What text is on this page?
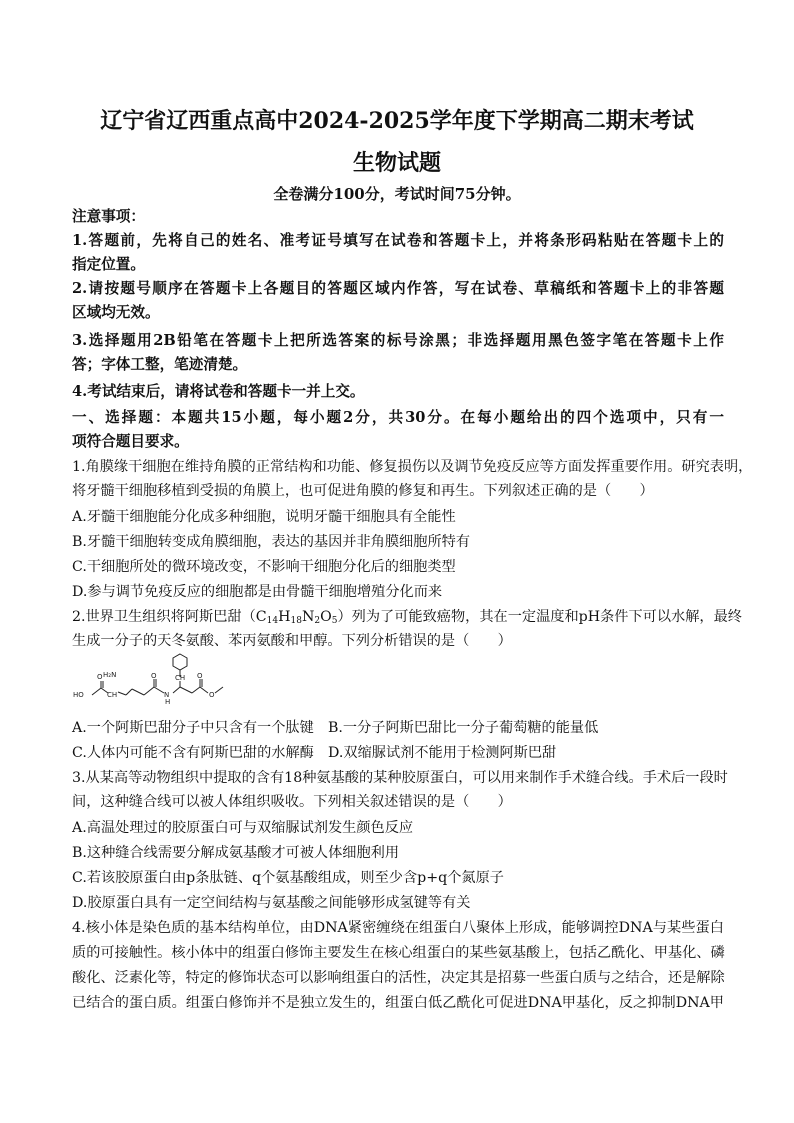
辽宁省辽西重点高中2024-2025学年度下学期高二期末考试
生物试题
全卷满分100分，考试时间75分钟。
注意事项：
1.答题前，先将自己的姓名、准考证号填写在试卷和答题卡上，并将条形码粘贴在答题卡上的
指定位置。
2.请按题号顺序在答题卡上各题目的答题区域内作答，写在试卷、草稿纸和答题卡上的非答题
区域均无效。
3.选择题用2B铅笔在答题卡上把所选答案的标号涂黑；非选择题用黑色签字笔在答题卡上作
答；字体工整，笔迹清楚。
4.考试结束后，请将试卷和答题卡一并上交。
一、选择题：本题共15小题，每小题2分，共30分。在每小题给出的四个选项中，只有一
项符合题目要求。
1.角膜缘干细胞在维持角膜的正常结构和功能、修复损伤以及调节免疫反应等方面发挥重要作用。研究表明，
将牙髓干细胞移植到受损的角膜上，也可促进角膜的修复和再生。下列叙述正确的是（　　）
A.牙髓干细胞能分化成多种细胞，说明牙髓干细胞具有全能性
B.牙髓干细胞转变成角膜细胞，表达的基因并非角膜细胞所特有
C.干细胞所处的微环境改变，不影响干细胞分化后的细胞类型
D.参与调节免疫反应的细胞都是由骨髓干细胞增殖分化而来
2.世界卫生组织将阿斯巴甜$(C_{14}H_{18}N_2O_5)$列为了可能致癌物，其在一定温度和pH条件下可以水解，最终
生成一分子的天冬氨酸、苯丙氨酸和甲醇。下列分析错误的是（　　）
HO
H₂N
CH
O	O
N
H
O
O
CH
A.一个阿斯巴甜分子中只含有一个肽键　B.一分子阿斯巴甜比一分子葡萄糖的能量低
C.人体内可能不含有阿斯巴甜的水解酶　D.双缩脲试剂不能用于检测阿斯巴甜
3.从某高等动物组织中提取的含有18种氨基酸的某种胶原蛋白，可以用来制作手术缝合线。手术后一段时
间，这种缝合线可以被人体组织吸收。下列相关叙述错误的是（　　）
A.高温处理过的胶原蛋白可与双缩脲试剂发生颜色反应
B.这种缝合线需要分解成氨基酸才可被人体细胞利用
C.若该胶原蛋白由p条肽链、q个氨基酸组成，则至少含p+q个氮原子
D.胶原蛋白具有一定空间结构与氨基酸之间能够形成氢键等有关
4.核小体是染色质的基本结构单位，由DNA紧密缠绕在组蛋白八聚体上形成，能够调控DNA与某些蛋白
质的可接触性。核小体中的组蛋白修饰主要发生在核心组蛋白的某些氨基酸上，包括乙酰化、甲基化、磷
酸化、泛素化等，特定的修饰状态可以影响组蛋白的活性，决定其是招募一些蛋白质与之结合，还是解除
已结合的蛋白质。组蛋白修饰并不是独立发生的，组蛋白低乙酰化可促进DNA甲基化，反之抑制DNA甲
